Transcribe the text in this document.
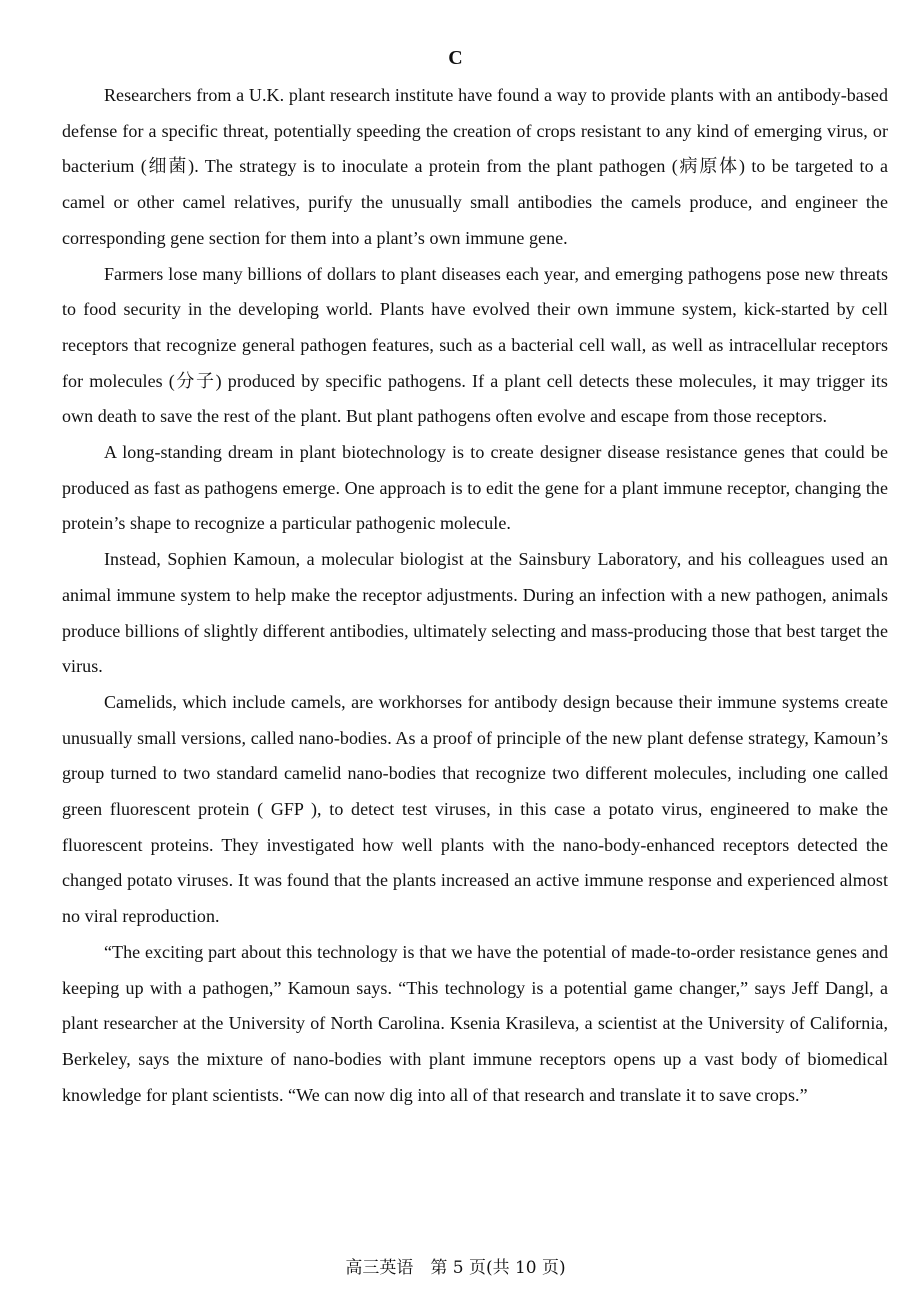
C

Researchers from a U.K. plant research institute have found a way to provide plants with an antibody-based defense for a specific threat, potentially speeding the creation of crops resistant to any kind of emerging virus, or bacterium (细菌). The strategy is to inoculate a protein from the plant pathogen (病原体) to be targeted to a camel or other camel relatives, purify the unusually small antibodies the camels produce, and engineer the corresponding gene section for them into a plant’s own immune gene.

Farmers lose many billions of dollars to plant diseases each year, and emerging pathogens pose new threats to food security in the developing world. Plants have evolved their own immune system, kick-started by cell receptors that recognize general pathogen features, such as a bacterial cell wall, as well as intracellular receptors for molecules (分子) produced by specific pathogens. If a plant cell detects these molecules, it may trigger its own death to save the rest of the plant. But plant pathogens often evolve and escape from those receptors.

A long-standing dream in plant biotechnology is to create designer disease resistance genes that could be produced as fast as pathogens emerge. One approach is to edit the gene for a plant immune receptor, changing the protein’s shape to recognize a particular pathogenic molecule.

Instead, Sophien Kamoun, a molecular biologist at the Sainsbury Laboratory, and his colleagues used an animal immune system to help make the receptor adjustments. During an infection with a new pathogen, animals produce billions of slightly different antibodies, ultimately selecting and mass-producing those that best target the virus.

Camelids, which include camels, are workhorses for antibody design because their immune systems create unusually small versions, called nano-bodies. As a proof of principle of the new plant defense strategy, Kamoun’s group turned to two standard camelid nano-bodies that recognize two different molecules, including one called green fluorescent protein ( GFP ), to detect test viruses, in this case a potato virus, engineered to make the fluorescent proteins. They investigated how well plants with the nano-body-enhanced receptors detected the changed potato viruses. It was found that the plants increased an active immune response and experienced almost no viral reproduction.

“The exciting part about this technology is that we have the potential of made-to-order resistance genes and keeping up with a pathogen,” Kamoun says. “This technology is a potential game changer,” says Jeff Dangl, a plant researcher at the University of North Carolina. Ksenia Krasileva, a scientist at the University of California, Berkeley, says the mixture of nano-bodies with plant immune receptors opens up a vast body of biomedical knowledge for plant scientists. “We can now dig into all of that research and translate it to save crops.”

高三英语　第 5 页(共 10 页)
